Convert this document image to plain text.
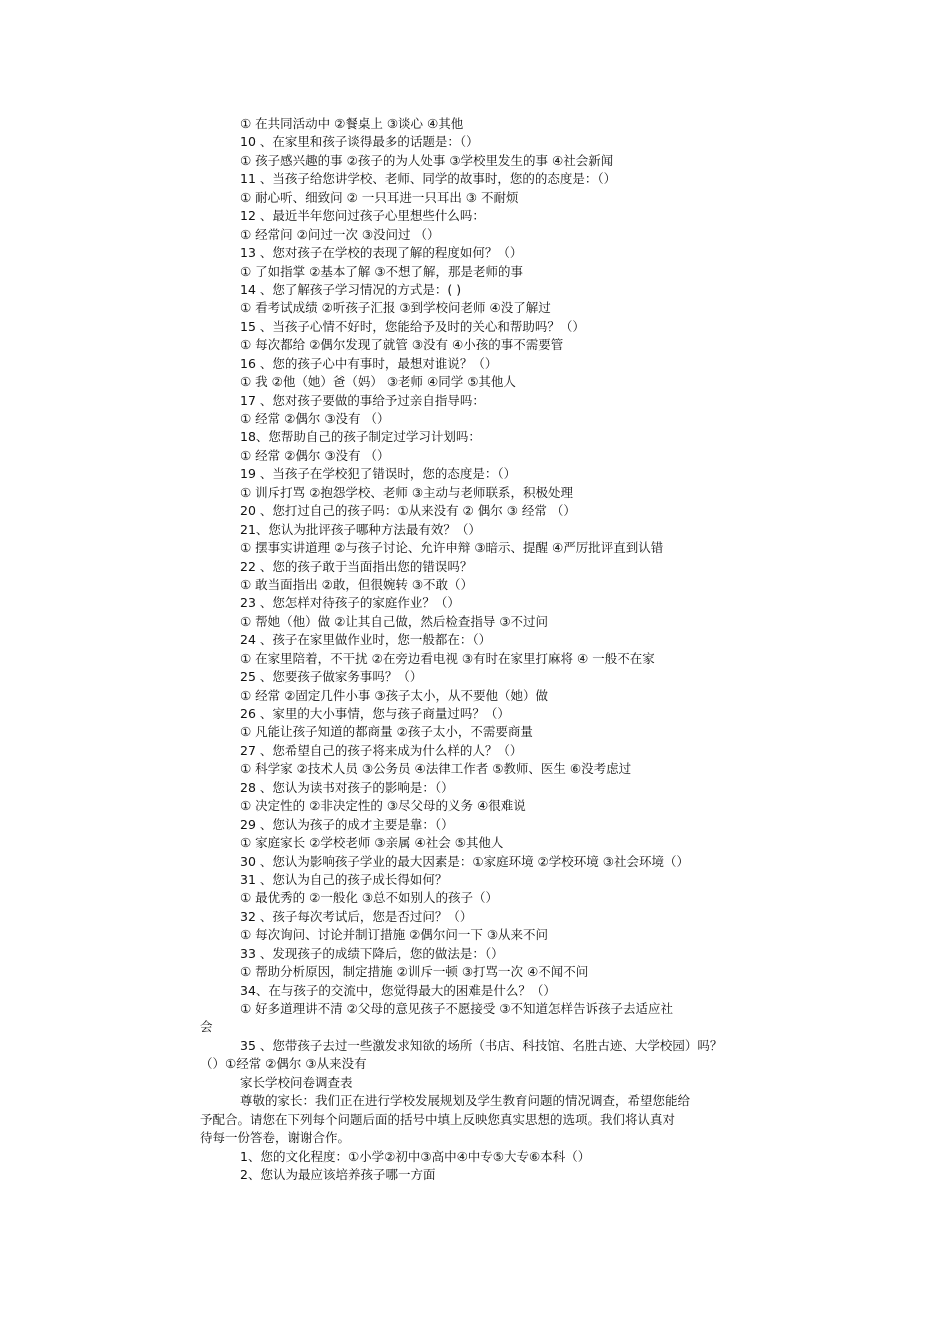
① 在共同活动中 ②餐桌上 ③谈心 ④其他
10 、在家里和孩子谈得最多的话题是：（）
① 孩子感兴趣的事 ②孩子的为人处事 ③学校里发生的事 ④社会新闻
11 、当孩子给您讲学校、老师、同学的故事时，您的的态度是：（）
① 耐心听、细致问 ② 一只耳进一只耳出 ③ 不耐烦
12 、最近半年您问过孩子心里想些什么吗：
① 经常问 ②问过一次 ③没问过 （）
13 、您对孩子在学校的表现了解的程度如何？（）
① 了如指掌 ②基本了解 ③不想了解，那是老师的事
14 、您了解孩子学习情况的方式是：( )
① 看考试成绩 ②听孩子汇报 ③到学校问老师 ④没了解过
15 、当孩子心情不好时，您能给予及时的关心和帮助吗？（）
① 每次都给 ②偶尔发现了就管 ③没有 ④小孩的事不需要管
16 、您的孩子心中有事时，最想对谁说？（）
① 我 ②他（她）爸（妈） ③老师 ④同学 ⑤其他人
17 、您对孩子要做的事给予过亲自指导吗：
① 经常 ②偶尔 ③没有 （）
18、您帮助自己的孩子制定过学习计划吗：
① 经常 ②偶尔 ③没有 （）
19 、当孩子在学校犯了错误时，您的态度是：（）
① 训斥打骂 ②抱怨学校、老师 ③主动与老师联系，积极处理
20 、您打过自己的孩子吗：①从来没有 ② 偶尔 ③ 经常 （）
21、您认为批评孩子哪种方法最有效？（）
① 摆事实讲道理 ②与孩子讨论、允许申辩 ③暗示、提醒 ④严厉批评直到认错
22 、您的孩子敢于当面指出您的错误吗？
① 敢当面指出 ②敢，但很婉转 ③不敢（）
23 、您怎样对待孩子的家庭作业？（）
① 帮她（他）做 ②让其自己做，然后检查指导 ③不过问
24 、孩子在家里做作业时，您一般都在：（）
① 在家里陪着，不干扰 ②在旁边看电视 ③有时在家里打麻将 ④ 一般不在家
25 、您要孩子做家务事吗？（）
① 经常 ②固定几件小事 ③孩子太小，从不要他（她）做
26 、家里的大小事情，您与孩子商量过吗？（）
① 凡能让孩子知道的都商量 ②孩子太小，不需要商量
27 、您希望自己的孩子将来成为什么样的人？（）
① 科学家 ②技术人员 ③公务员 ④法律工作者 ⑤教师、医生 ⑥没考虑过
28 、您认为读书对孩子的影响是：（）
① 决定性的 ②非决定性的 ③尽父母的义务 ④很难说
29 、您认为孩子的成才主要是靠：（）
① 家庭家长 ②学校老师 ③亲属 ④社会 ⑤其他人
30 、您认为影响孩子学业的最大因素是：①家庭环境 ②学校环境 ③社会环境（）
31 、您认为自己的孩子成长得如何？
① 最优秀的 ②一般化 ③总不如别人的孩子（）
32 、孩子每次考试后，您是否过问？（）
① 每次询问、讨论并制订措施 ②偶尔问一下 ③从来不问
33 、发现孩子的成绩下降后，您的做法是：（）
① 帮助分析原因，制定措施 ②训斥一顿 ③打骂一次 ④不闻不问
34、在与孩子的交流中，您觉得最大的困难是什么？（）
① 好多道理讲不清 ②父母的意见孩子不愿接受 ③不知道怎样告诉孩子去适应社
会
35 、您带孩子去过一些激发求知欲的场所（书店、科技馆、名胜古迹、大学校园）吗？
（）①经常 ②偶尔 ③从来没有
家长学校问卷调查表
尊敬的家长：我们正在进行学校发展规划及学生教育问题的情况调查，希望您能给
予配合。请您在下列每个问题后面的括号中填上反映您真实思想的选项。我们将认真对
待每一份答卷，谢谢合作。
1、您的文化程度：①小学②初中③高中④中专⑤大专⑥本科（）
2、您认为最应该培养孩子哪一方面
